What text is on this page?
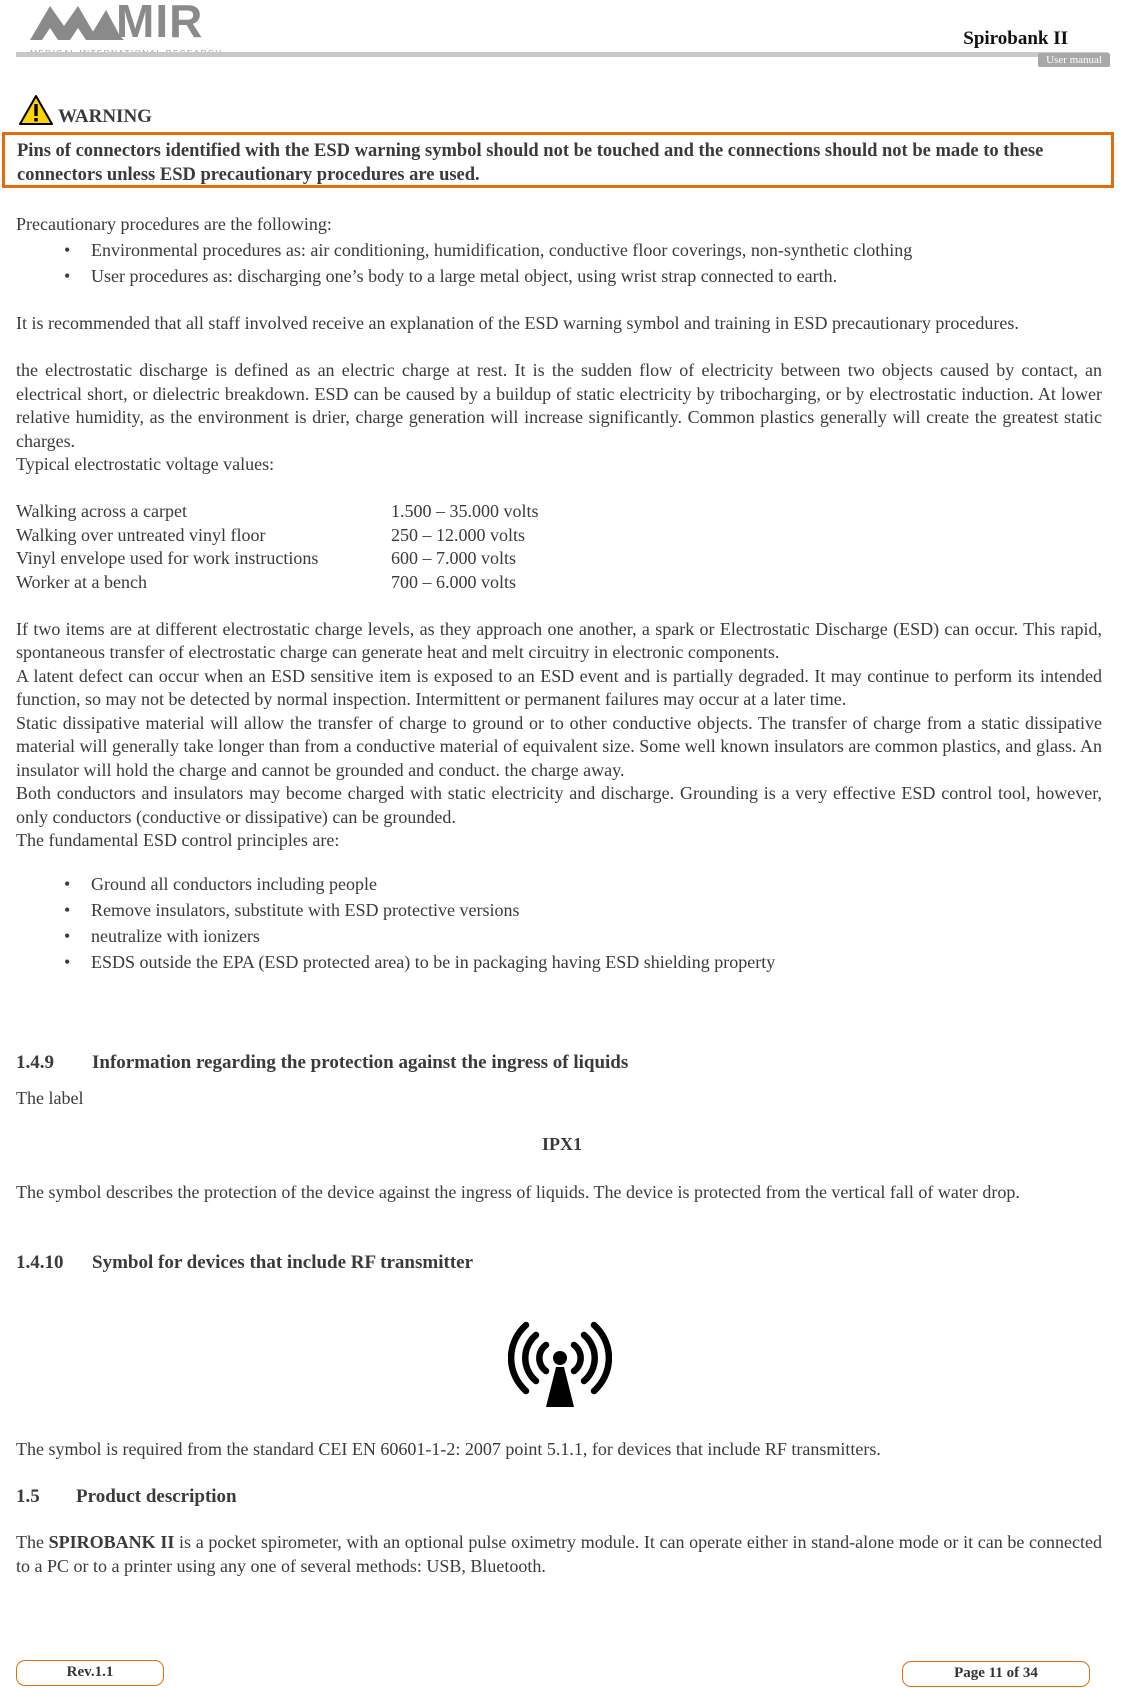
MIR	Spirobank II
User manual
WARNING
Pins of connectors identified with the ESD warning symbol should not be touched and the connections should not be made to these connectors unless ESD precautionary procedures are used.

Precautionary procedures are the following:

• Environmental procedures as: air conditioning, humidification, conductive floor coverings, non-synthetic clothing
• User procedures as: discharging one’s body to a large metal object, using wrist strap connected to earth.

It is recommended that all staff involved receive an explanation of the ESD warning symbol and training in ESD precautionary procedures.

the electrostatic discharge is defined as an electric charge at rest. It is the sudden flow of electricity between two objects caused by contact, an electrical short, or dielectric breakdown. ESD can be caused by a buildup of static electricity by tribocharging, or by electrostatic induction. At lower relative humidity, as the environment is drier, charge generation will increase significantly. Common plastics generally will create the greatest static charges.

Typical electrostatic voltage values:

Walking across a carpet	1.500 – 35.000 volts
Walking over untreated vinyl floor	250 – 12.000 volts
Vinyl envelope used for work instructions	600 – 7.000 volts
Worker at a bench	700 – 6.000 volts

If two items are at different electrostatic charge levels, as they approach one another, a spark or Electrostatic Discharge (ESD) can occur. This rapid, spontaneous transfer of electrostatic charge can generate heat and melt circuitry in electronic components.

A latent defect can occur when an ESD sensitive item is exposed to an ESD event and is partially degraded. It may continue to perform its intended function, so may not be detected by normal inspection. Intermittent or permanent failures may occur at a later time.

Static dissipative material will allow the transfer of charge to ground or to other conductive objects. The transfer of charge from a static dissipative material will generally take longer than from a conductive material of equivalent size. Some well known insulators are common plastics, and glass. An insulator will hold the charge and cannot be grounded and conduct. the charge away.

Both conductors and insulators may become charged with static electricity and discharge. Grounding is a very effective ESD control tool, however, only conductors (conductive or dissipative) can be grounded.

The fundamental ESD control principles are:

• Ground all conductors including people
• Remove insulators, substitute with ESD protective versions
• neutralize with ionizers
• ESDS outside the EPA (ESD protected area) to be in packaging having ESD shielding property
1.4.9 Information regarding the protection against the ingress of liquids
The label
IPX1
The symbol describes the protection of the device against the ingress of liquids. The device is protected from the vertical fall of water drop.
1.4.10 Symbol for devices that include RF transmitter
The symbol is required from the standard CEI EN 60601-1-2: 2007 point 5.1.1, for devices that include RF transmitters.
1.5 Product description
The SPIROBANK II is a pocket spirometer, with an optional pulse oximetry module. It can operate either in stand-alone mode or it can be connected to a PC or to a printer using any one of several methods: USB, Bluetooth.
Rev.1.1	Page 11 of 34
